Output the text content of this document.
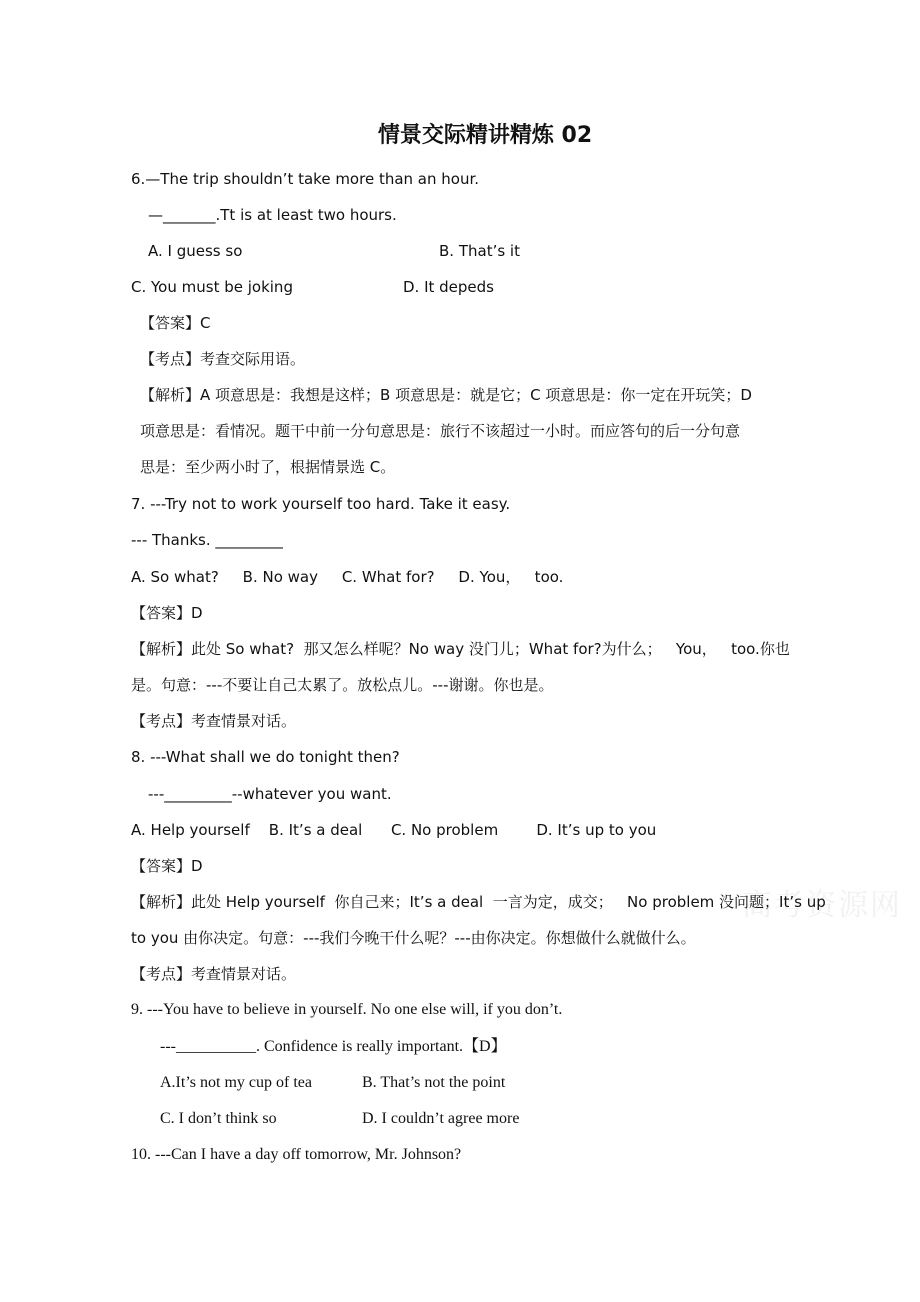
情景交际精讲精炼 02
高考资源网
6.—The trip shouldn’t take more than an hour.
—_______.Tt is at least two hours.
A. I guess so	B. That’s it
C. You must be joking	D. It depeds
【答案】C
【考点】考查交际用语。
【解析】A 项意思是：我想是这样；B 项意思是：就是它；C 项意思是：你一定在开玩笑；D
项意思是：看情况。题干中前一分句意思是：旅行不该超过一小时。而应答句的后一分句意
思是：至少两小时了，根据情景选 C。
7. ---Try not to work yourself too hard. Take it easy.
--- Thanks. _________
A. So what?     B. No way     C. What for?     D. You，   too.
【答案】D
【解析】此处 So what?  那又怎么样呢？No way 没门儿；What for?为什么；   You，   too.你也
是。句意：---不要让自己太累了。放松点儿。---谢谢。你也是。
【考点】考查情景对话。
8. ---What shall we do tonight then?
---_________--whatever you want.
A. Help yourself    B. It’s a deal      C. No problem        D. It’s up to you
【答案】D
【解析】此处 Help yourself  你自己来；It’s a deal  一言为定，成交；   No problem 没问题；It’s up
to you 由你决定。句意：---我们今晚干什么呢？---由你决定。你想做什么就做什么。
【考点】考查情景对话。
9. ---You have to believe in yourself. No one else will, if you don’t.
---__________. Confidence is really important.【D】
A.It’s not my cup of tea	B. That’s not the point
C. I don’t think so	D. I couldn’t agree more
10. ---Can I have a day off tomorrow, Mr. Johnson?
